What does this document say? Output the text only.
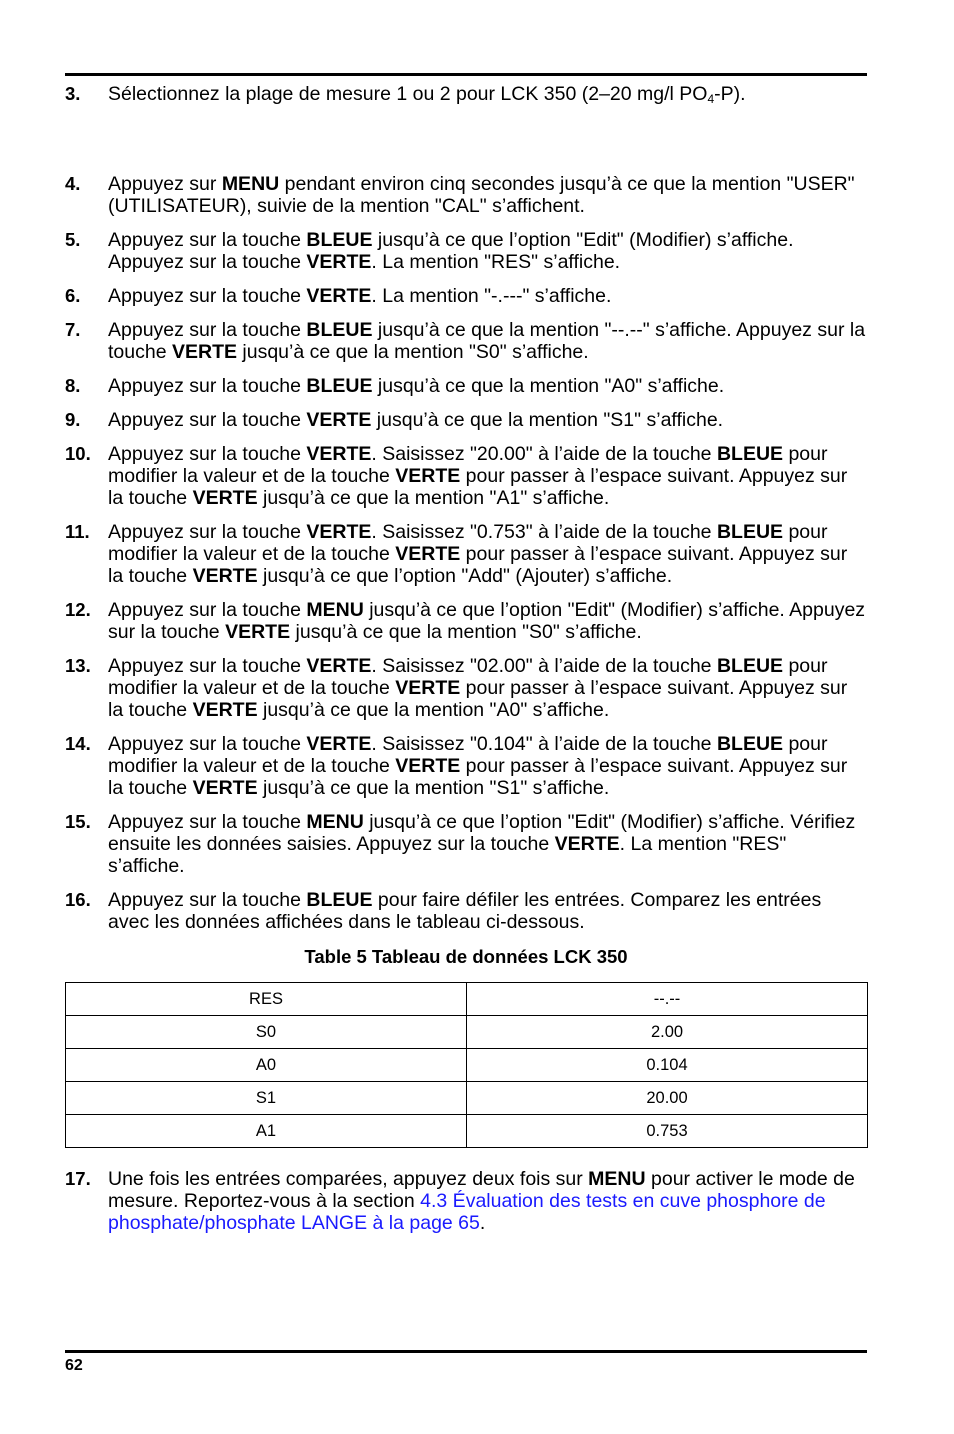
3. Sélectionnez la plage de mesure 1 ou 2 pour LCK 350 (2–20 mg/l $PO_4-P$).
4. Appuyez sur MENU pendant environ cinq secondes jusqu’à ce que la mention "USER" (UTILISATEUR), suivie de la mention "CAL" s’affichent.
5. Appuyez sur la touche BLEUE jusqu’à ce que l’option "Edit" (Modifier) s’affiche. Appuyez sur la touche VERTE. La mention "RES" s’affiche.
6. Appuyez sur la touche VERTE. La mention "-.---" s’affiche.
7. Appuyez sur la touche BLEUE jusqu’à ce que la mention "--.--" s’affiche. Appuyez sur la touche VERTE jusqu’à ce que la mention "S0" s’affiche.
8. Appuyez sur la touche BLEUE jusqu’à ce que la mention "A0" s’affiche.
9. Appuyez sur la touche VERTE jusqu’à ce que la mention "S1" s’affiche.
10. Appuyez sur la touche VERTE. Saisissez "20.00" à l’aide de la touche BLEUE pour modifier la valeur et de la touche VERTE pour passer à l’espace suivant. Appuyez sur la touche VERTE jusqu’à ce que la mention "A1" s’affiche.
11. Appuyez sur la touche VERTE. Saisissez "0.753" à l’aide de la touche BLEUE pour modifier la valeur et de la touche VERTE pour passer à l’espace suivant. Appuyez sur la touche VERTE jusqu’à ce que l’option "Add" (Ajouter) s’affiche.
12. Appuyez sur la touche MENU jusqu’à ce que l’option "Edit" (Modifier) s’affiche. Appuyez sur la touche VERTE jusqu’à ce que la mention "S0" s’affiche.
13. Appuyez sur la touche VERTE. Saisissez "02.00" à l’aide de la touche BLEUE pour modifier la valeur et de la touche VERTE pour passer à l’espace suivant. Appuyez sur la touche VERTE jusqu’à ce que la mention "A0" s’affiche.
14. Appuyez sur la touche VERTE. Saisissez "0.104" à l’aide de la touche BLEUE pour modifier la valeur et de la touche VERTE pour passer à l’espace suivant. Appuyez sur la touche VERTE jusqu’à ce que la mention "S1" s’affiche.
15. Appuyez sur la touche MENU jusqu’à ce que l’option "Edit" (Modifier) s’affiche. Vérifiez ensuite les données saisies. Appuyez sur la touche VERTE. La mention "RES" s’affiche.
16. Appuyez sur la touche BLEUE pour faire défiler les entrées. Comparez les entrées avec les données affichées dans le tableau ci-dessous.
Table 5 Tableau de données LCK 350
RES	--.--
S0	2.00
A0	0.104
S1	20.00
A1	0.753
17. Une fois les entrées comparées, appuyez deux fois sur MENU pour activer le mode de mesure. Reportez-vous à la section 4.3 Évaluation des tests en cuve phosphore de phosphate/phosphate LANGE à la page 65.
62
